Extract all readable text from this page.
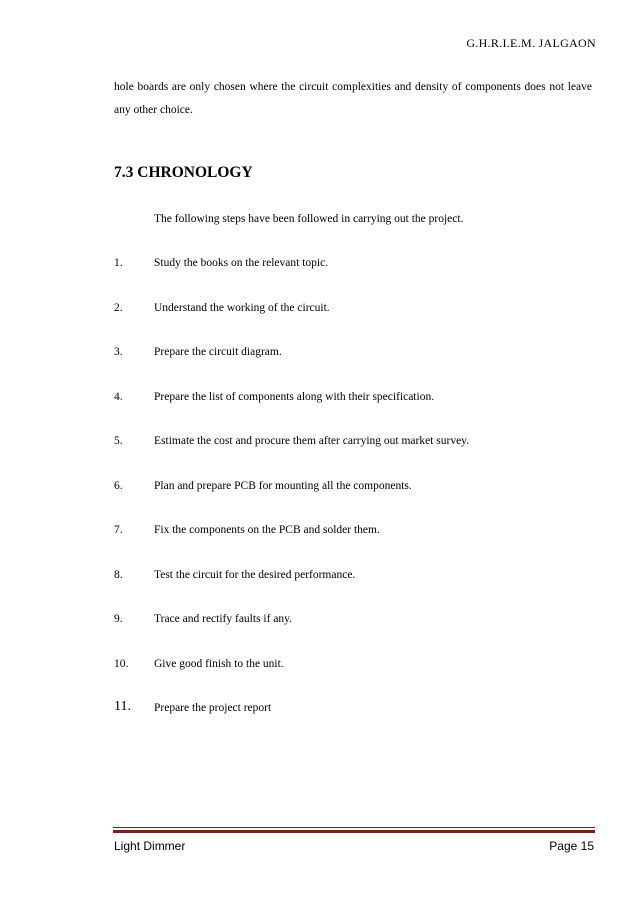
G.H.R.I.E.M. JALGAON
hole boards are only chosen where the circuit complexities and density of components does not leave any other choice.
7.3 CHRONOLOGY
The following steps have been followed in carrying out the project.
1.	Study the books on the relevant topic.
2.	Understand the working of the circuit.
3.	Prepare the circuit diagram.
4.	Prepare the list of components along with their specification.
5.	Estimate the cost and procure them after carrying out market survey.
6.	Plan and prepare PCB for mounting all the components.
7.	Fix the components on the PCB and solder them.
8.	Test the circuit for the desired performance.
9.	Trace and rectify faults if any.
10. Give good finish to the unit.
11. Prepare the project report
Light Dimmer	Page 15
